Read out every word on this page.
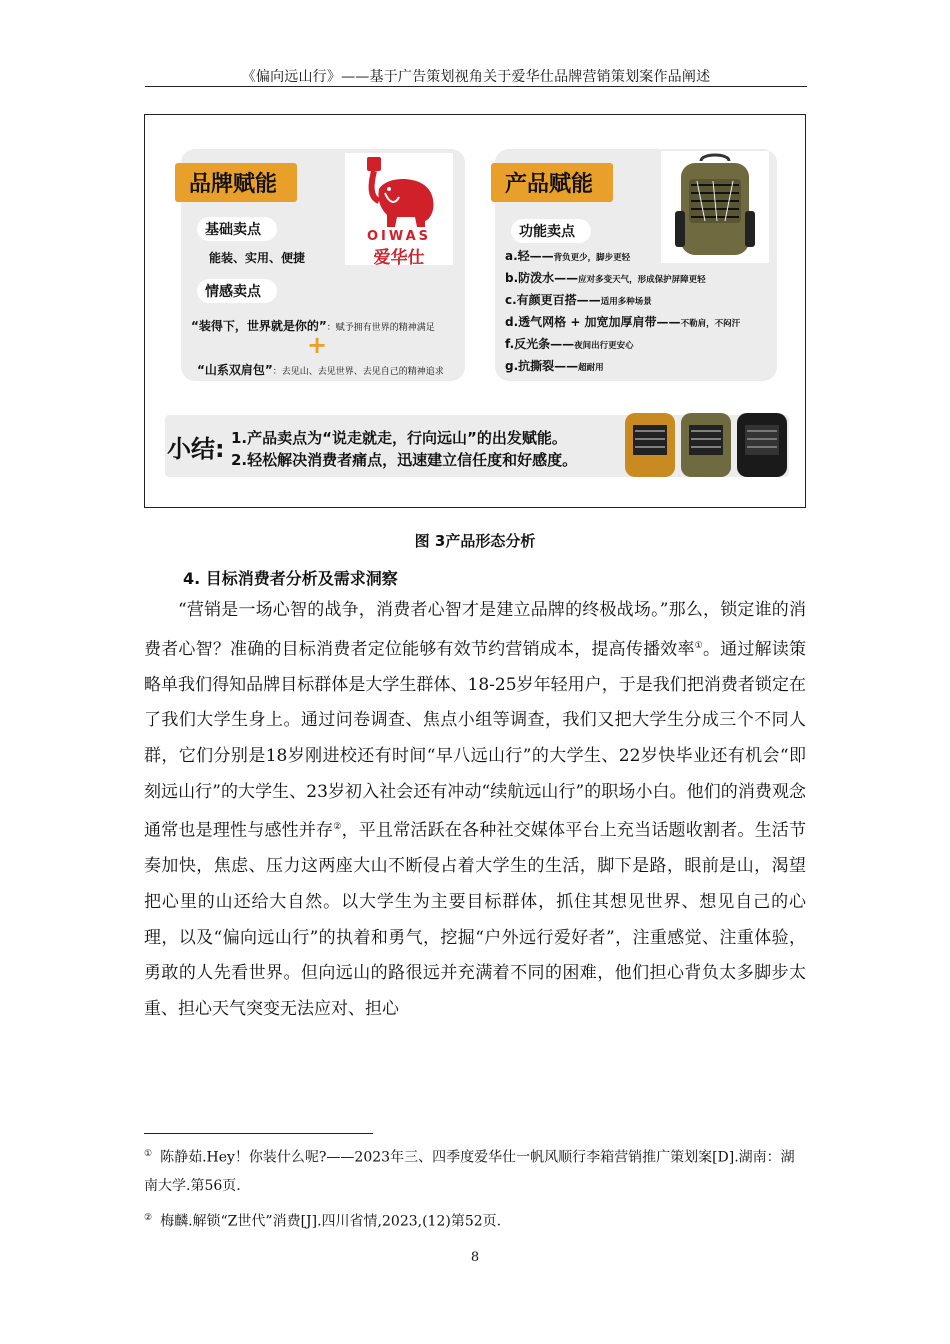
《偏向远山行》——基于广告策划视角关于爱华仕品牌营销策划案作品阐述
品牌赋能
OIWAS
爱华仕
基础卖点
能装、实用、便捷
情感卖点
“装得下，世界就是你的”：赋予拥有世界的精神满足
+
“山系双肩包”：去见山、去见世界、去见自己的精神追求
产品赋能
功能卖点
a.轻——背负更少，脚步更轻
b.防泼水——应对多变天气，形成保护屏障更轻
c.有颜更百搭——适用多种场景
d.透气网格 + 加宽加厚肩带——不勒肩，不闷汗
f.反光条——夜间出行更安心
g.抗撕裂——超耐用
小结: 1.产品卖点为“说走就走，行向远山”的出发赋能。
2.轻松解决消费者痛点，迅速建立信任度和好感度。
图 3产品形态分析
4. 目标消费者分析及需求洞察
“营销是一场心智的战争，消费者心智才是建立品牌的终极战场。”那么，锁定谁的消费者心智？准确的目标消费者定位能够有效节约营销成本，提高传播效率①。通过解读策略单我们得知品牌目标群体是大学生群体、18-25岁年轻用户，于是我们把消费者锁定在了我们大学生身上。通过问卷调查、焦点小组等调查，我们又把大学生分成三个不同人群，它们分别是18岁刚进校还有时间“早八远山行”的大学生、22岁快毕业还有机会“即刻远山行”的大学生、23岁初入社会还有冲动“续航远山行”的职场小白。他们的消费观念通常也是理性与感性并存②，平且常活跃在各种社交媒体平台上充当话题收割者。生活节奏加快，焦虑、压力这两座大山不断侵占着大学生的生活，脚下是路，眼前是山，渴望把心里的山还给大自然。以大学生为主要目标群体，抓住其想见世界、想见自己的心理，以及“偏向远山行”的执着和勇气，挖掘“户外远行爱好者”，注重感觉、注重体验，勇敢的人先看世界。但向远山的路很远并充满着不同的困难，他们担心背负太多脚步太重、担心天气突变无法应对、担心
① 陈静茹.Hey！你装什么呢?——2023年三、四季度爱华仕一帆风顺行李箱营销推广策划案[D].湖南：湖南大学.第56页.
② 梅麟.解锁“Z世代”消费[J].四川省情,2023,(12)第52页.
8
